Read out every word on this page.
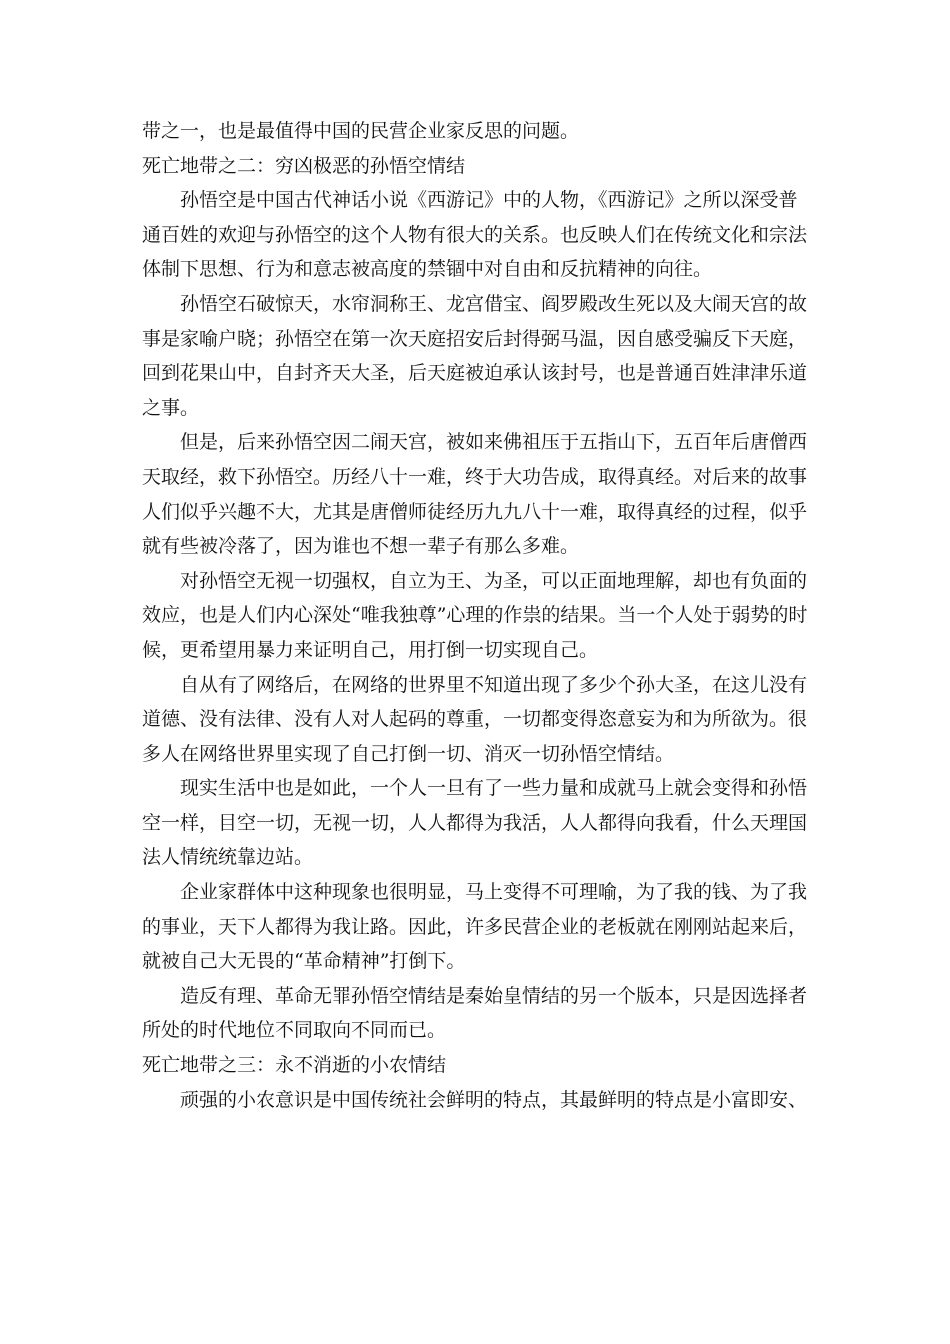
带之一，也是最值得中国的民营企业家反思的问题。

死亡地带之二：穷凶极恶的孙悟空情结

孙悟空是中国古代神话小说《西游记》中的人物，《西游记》之所以深受普通百姓的欢迎与孙悟空的这个人物有很大的关系。也反映人们在传统文化和宗法体制下思想、行为和意志被高度的禁锢中对自由和反抗精神的向往。

孙悟空石破惊天，水帘洞称王、龙宫借宝、阎罗殿改生死以及大闹天宫的故事是家喻户晓；孙悟空在第一次天庭招安后封得弼马温，因自感受骗反下天庭，回到花果山中，自封齐天大圣，后天庭被迫承认该封号，也是普通百姓津津乐道之事。

但是，后来孙悟空因二闹天宫，被如来佛祖压于五指山下，五百年后唐僧西天取经，救下孙悟空。历经八十一难，终于大功告成，取得真经。对后来的故事人们似乎兴趣不大，尤其是唐僧师徒经历九九八十一难，取得真经的过程，似乎就有些被冷落了，因为谁也不想一辈子有那么多难。

对孙悟空无视一切强权，自立为王、为圣，可以正面地理解，却也有负面的效应，也是人们内心深处“唯我独尊”心理的作祟的结果。当一个人处于弱势的时候，更希望用暴力来证明自己，用打倒一切实现自己。

自从有了网络后，在网络的世界里不知道出现了多少个孙大圣，在这儿没有道德、没有法律、没有人对人起码的尊重，一切都变得恣意妄为和为所欲为。很多人在网络世界里实现了自己打倒一切、消灭一切孙悟空情结。

现实生活中也是如此，一个人一旦有了一些力量和成就马上就会变得和孙悟空一样，目空一切，无视一切，人人都得为我活，人人都得向我看，什么天理国法人情统统靠边站。

企业家群体中这种现象也很明显，马上变得不可理喻，为了我的钱、为了我的事业，天下人都得为我让路。因此，许多民营企业的老板就在刚刚站起来后，就被自己大无畏的“革命精神”打倒下。

造反有理、革命无罪孙悟空情结是秦始皇情结的另一个版本，只是因选择者所处的时代地位不同取向不同而已。

死亡地带之三：永不消逝的小农情结

顽强的小农意识是中国传统社会鲜明的特点，其最鲜明的特点是小富即安、
